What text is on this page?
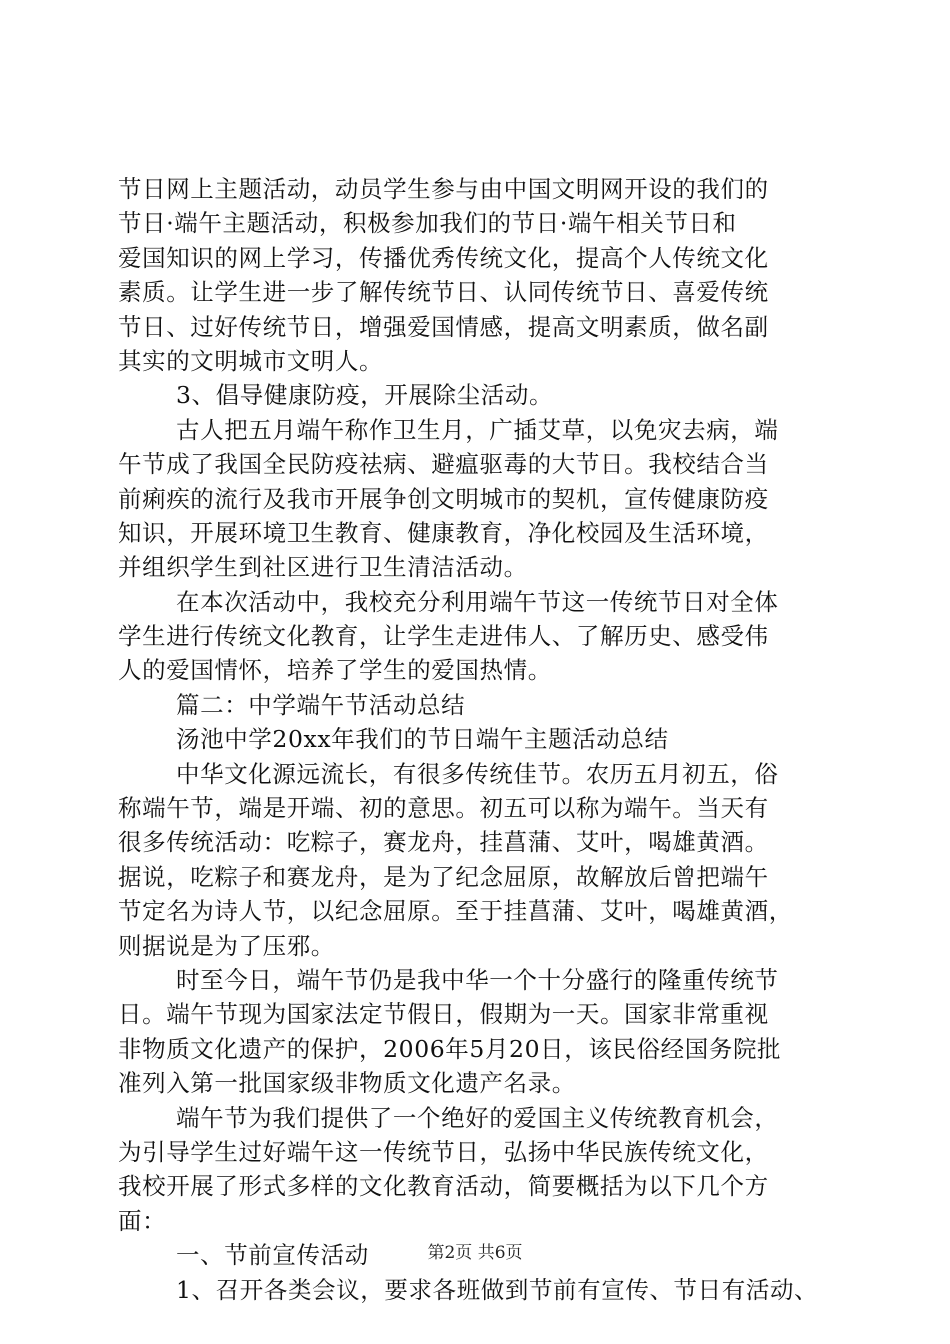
节日网上主题活动，动员学生参与由中国文明网开设的我们的
节日·端午主题活动，积极参加我们的节日·端午相关节日和
爱国知识的网上学习，传播优秀传统文化，提高个人传统文化
素质。让学生进一步了解传统节日、认同传统节日、喜爱传统
节日、过好传统节日，增强爱国情感，提高文明素质，做名副
其实的文明城市文明人。
3、倡导健康防疫，开展除尘活动。
古人把五月端午称作卫生月，广插艾草，以免灾去病，端
午节成了我国全民防疫祛病、避瘟驱毒的大节日。我校结合当
前痢疾的流行及我市开展争创文明城市的契机，宣传健康防疫
知识，开展环境卫生教育、健康教育，净化校园及生活环境，
并组织学生到社区进行卫生清洁活动。
在本次活动中，我校充分利用端午节这一传统节日对全体
学生进行传统文化教育，让学生走进伟人、了解历史、感受伟
人的爱国情怀，培养了学生的爱国热情。
篇二：中学端午节活动总结
汤池中学20xx年我们的节日端午主题活动总结
中华文化源远流长，有很多传统佳节。农历五月初五，俗
称端午节，端是开端、初的意思。初五可以称为端午。当天有
很多传统活动：吃粽子，赛龙舟，挂菖蒲、艾叶，喝雄黄酒。
据说，吃粽子和赛龙舟，是为了纪念屈原，故解放后曾把端午
节定名为诗人节，以纪念屈原。至于挂菖蒲、艾叶，喝雄黄酒，
则据说是为了压邪。
时至今日，端午节仍是我中华一个十分盛行的隆重传统节
日。端午节现为国家法定节假日，假期为一天。国家非常重视
非物质文化遗产的保护，2006年5月20日，该民俗经国务院批
准列入第一批国家级非物质文化遗产名录。
端午节为我们提供了一个绝好的爱国主义传统教育机会，
为引导学生过好端午这一传统节日，弘扬中华民族传统文化，
我校开展了形式多样的文化教育活动，简要概括为以下几个方
面：
一、节前宣传活动
1、召开各类会议，要求各班做到节前有宣传、节日有活动、
第2页 共6页
